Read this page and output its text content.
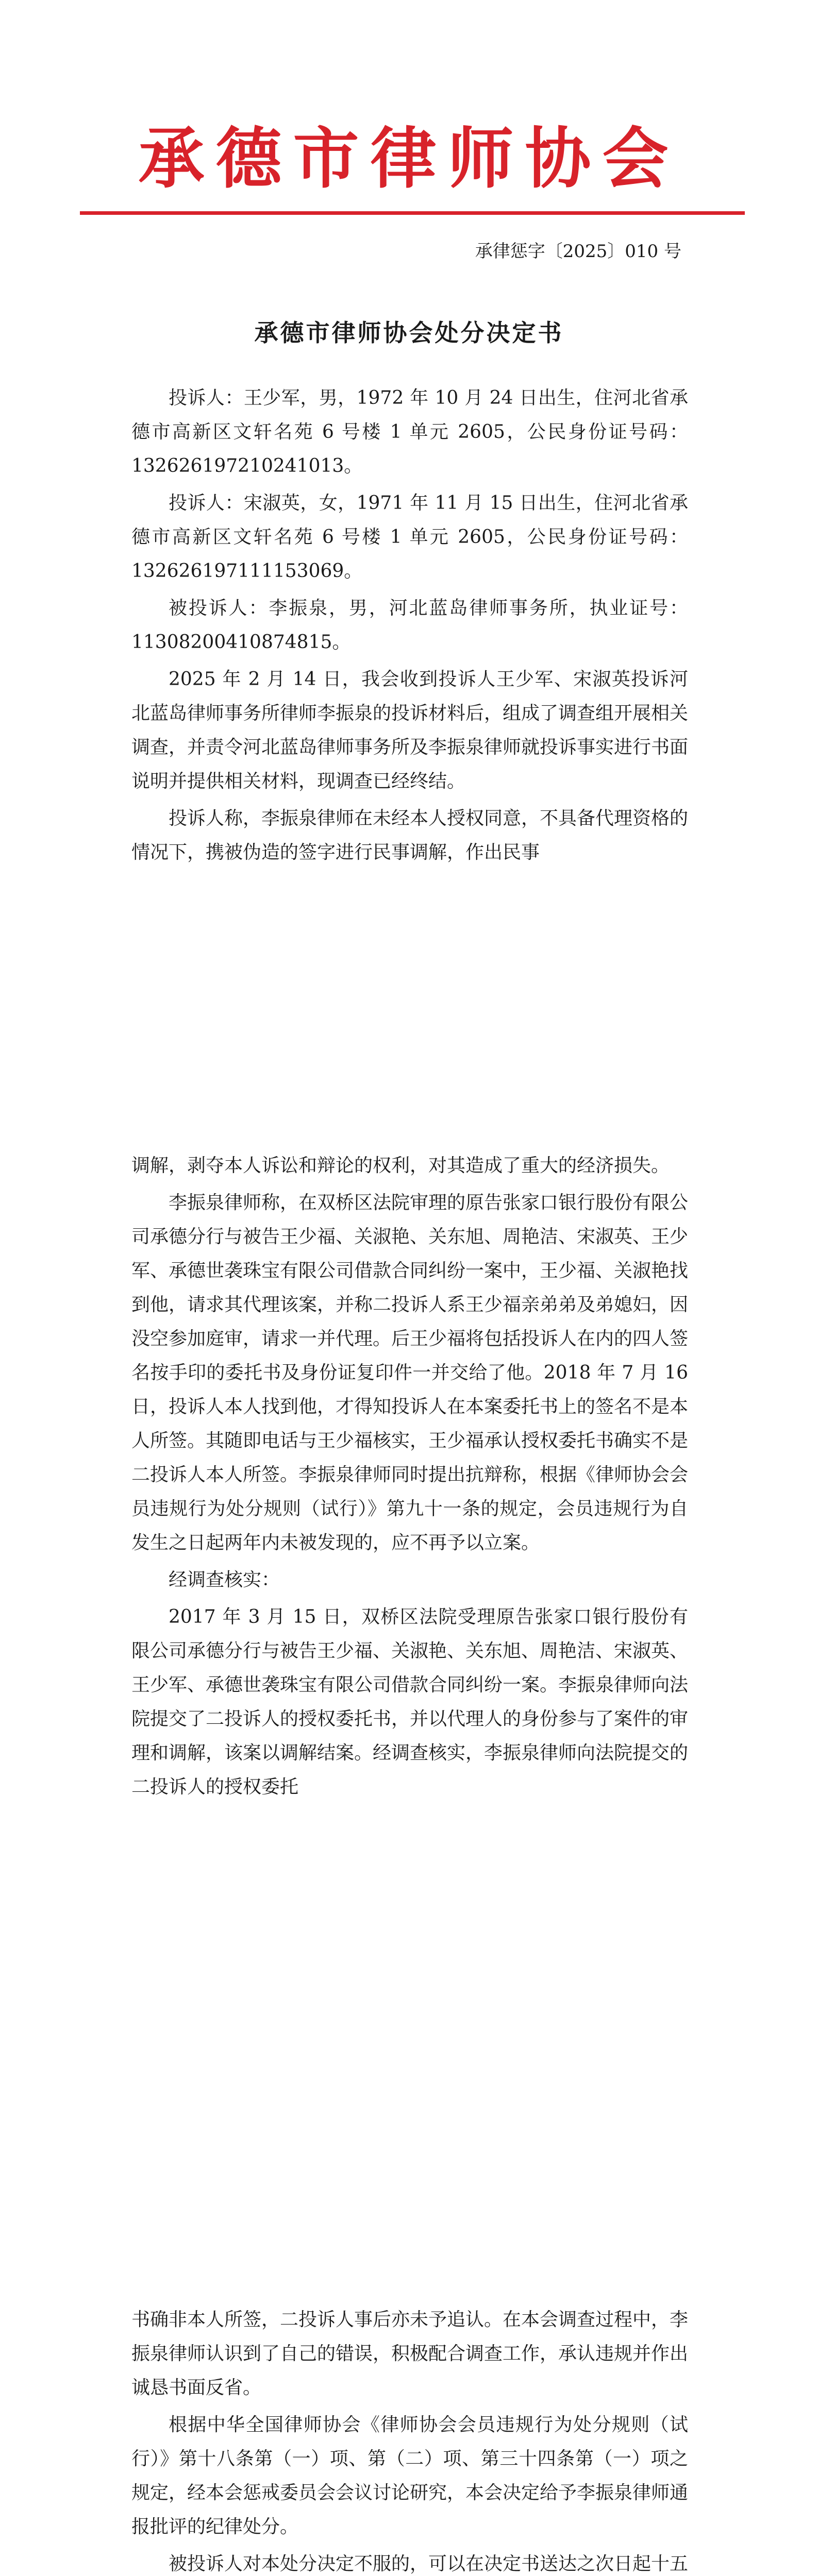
承德市律师协会
承律惩字〔2025〕010 号
承德市律师协会处分决定书

投诉人：王少军，男，1972 年 10 月 24 日出生，住河北省承德市高新区文轩名苑 6 号楼 1 单元 2605，公民身份证号码：132626197210241013。

投诉人：宋淑英，女，1971 年 11 月 15 日出生，住河北省承德市高新区文轩名苑 6 号楼 1 单元 2605，公民身份证号码：132626197111153069。

被投诉人：李振泉，男，河北蓝岛律师事务所，执业证号：11308200410874815。

2025 年 2 月 14 日，我会收到投诉人王少军、宋淑英投诉河北蓝岛律师事务所律师李振泉的投诉材料后，组成了调查组开展相关调查，并责令河北蓝岛律师事务所及李振泉律师就投诉事实进行书面说明并提供相关材料，现调查已经终结。

投诉人称，李振泉律师在未经本人授权同意，不具备代理资格的情况下，携被伪造的签字进行民事调解，作出民事

调解，剥夺本人诉讼和辩论的权利，对其造成了重大的经济损失。

李振泉律师称，在双桥区法院审理的原告张家口银行股份有限公司承德分行与被告王少福、关淑艳、关东旭、周艳洁、宋淑英、王少军、承德世袭珠宝有限公司借款合同纠纷一案中，王少福、关淑艳找到他，请求其代理该案，并称二投诉人系王少福亲弟弟及弟媳妇，因没空参加庭审，请求一并代理。后王少福将包括投诉人在内的四人签名按手印的委托书及身份证复印件一并交给了他。2018 年 7 月 16 日，投诉人本人找到他，才得知投诉人在本案委托书上的签名不是本人所签。其随即电话与王少福核实，王少福承认授权委托书确实不是二投诉人本人所签。李振泉律师同时提出抗辩称，根据《律师协会会员违规行为处分规则（试行）》第九十一条的规定，会员违规行为自发生之日起两年内未被发现的，应不再予以立案。

经调查核实：

2017 年 3 月 15 日，双桥区法院受理原告张家口银行股份有限公司承德分行与被告王少福、关淑艳、关东旭、周艳洁、宋淑英、王少军、承德世袭珠宝有限公司借款合同纠纷一案。李振泉律师向法院提交了二投诉人的授权委托书，并以代理人的身份参与了案件的审理和调解，该案以调解结案。经调查核实，李振泉律师向法院提交的二投诉人的授权委托

书确非本人所签，二投诉人事后亦未予追认。在本会调查过程中，李振泉律师认识到了自己的错误，积极配合调查工作，承认违规并作出诚恳书面反省。

根据中华全国律师协会《律师协会会员违规行为处分规则（试行）》第十八条第（一）项、第（二）项、第三十四条第（一）项之规定，经本会惩戒委员会会议讨论研究，本会决定给予李振泉律师通报批评的纪律处分。

被投诉人对本处分决定不服的，可以在决定书送达之次日起十五
